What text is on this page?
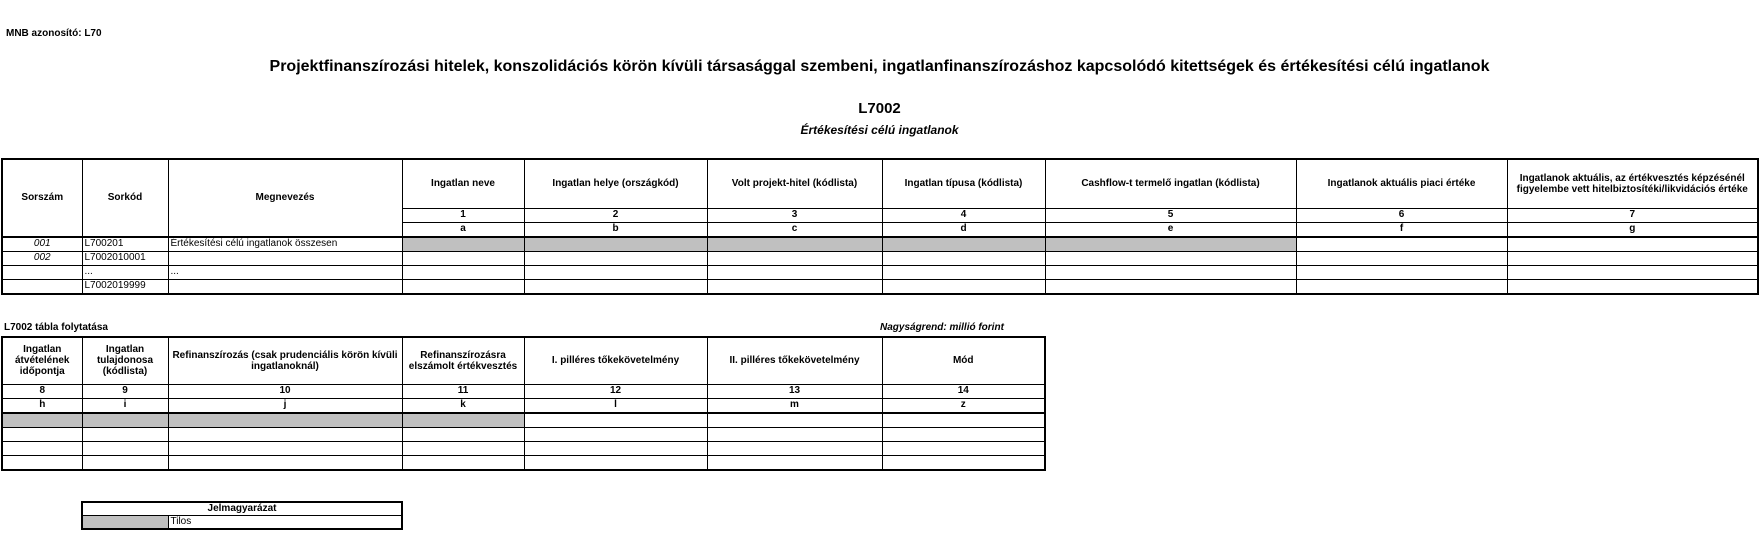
MNB azonosító: L70
Projektfinanszírozási hitelek, konszolidációs körön kívüli társasággal szembeni, ingatlanfinanszírozáshoz kapcsolódó kitettségek és értékesítési célú ingatlanok
L7002
Értékesítési célú ingatlanok
Sorszám	Sorkód	Megnevezés	Ingatlan neve	Ingatlan helye (országkód)	Volt projekt-hitel (kódlista)	Ingatlan típusa (kódlista)	Cashflow-t termelő ingatlan (kódlista)	Ingatlanok aktuális piaci értéke	Ingatlanok aktuális, az értékvesztés képzésénél figyelembe vett hitelbiztosítéki/likvidációs értéke
			1	2	3	4	5	6	7
			a	b	c	d	e	f	g
001	L700201	Értékesítési célú ingatlanok összesen							
002	L7002010001								
	...	...							
	L7002019999								
L7002 tábla folytatása	Nagyságrend: millió forint
Ingatlan átvételének időpontja	Ingatlan tulajdonosa (kódlista)	Refinanszírozás (csak prudenciális körön kívüli ingatlanoknál)	Refinanszírozásra elszámolt értékvesztés	I. pilléres tőkekövetelmény	II. pilléres tőkekövetelmény	Mód
8	9	10	11	12	13	14
h	i	j	k	l	m	z

Jelmagyarázat
	Tilos
